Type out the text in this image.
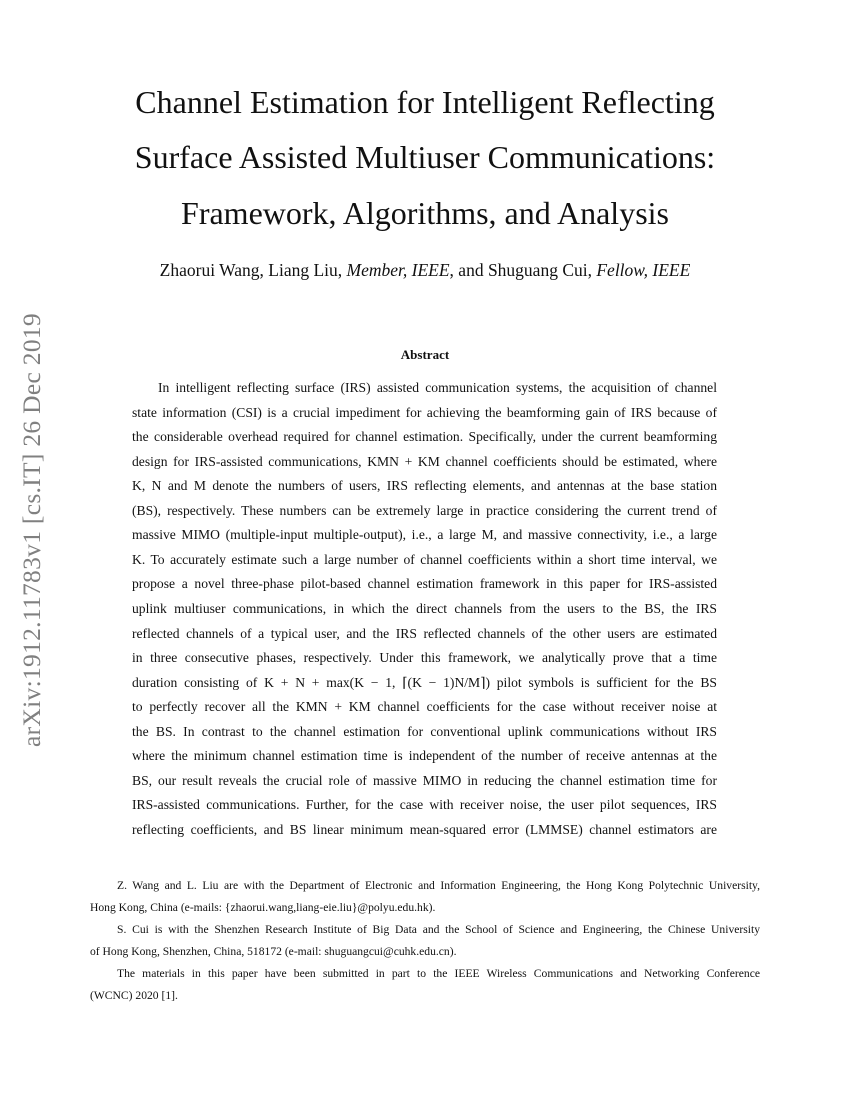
arXiv:1912.11783v1 [cs.IT] 26 Dec 2019
Channel Estimation for Intelligent Reflecting
Surface Assisted Multiuser Communications:
Framework, Algorithms, and Analysis
Zhaorui Wang, Liang Liu, Member, IEEE, and Shuguang Cui, Fellow, IEEE
Abstract
In intelligent reflecting surface (IRS) assisted communication systems, the acquisition of channel
state information (CSI) is a crucial impediment for achieving the beamforming gain of IRS because of
the considerable overhead required for channel estimation. Specifically, under the current beamforming
design for IRS-assisted communications, KMN + KM channel coefficients should be estimated, where
K, N and M denote the numbers of users, IRS reflecting elements, and antennas at the base station
(BS), respectively. These numbers can be extremely large in practice considering the current trend of
massive MIMO (multiple-input multiple-output), i.e., a large M, and massive connectivity, i.e., a large
K. To accurately estimate such a large number of channel coefficients within a short time interval, we
propose a novel three-phase pilot-based channel estimation framework in this paper for IRS-assisted
uplink multiuser communications, in which the direct channels from the users to the BS, the IRS
reflected channels of a typical user, and the IRS reflected channels of the other users are estimated
in three consecutive phases, respectively. Under this framework, we analytically prove that a time
duration consisting of K + N + max(K − 1, ⌈(K − 1)N/M⌉) pilot symbols is sufficient for the BS
to perfectly recover all the KMN + KM channel coefficients for the case without receiver noise at
the BS. In contrast to the channel estimation for conventional uplink communications without IRS
where the minimum channel estimation time is independent of the number of receive antennas at the
BS, our result reveals the crucial role of massive MIMO in reducing the channel estimation time for
IRS-assisted communications. Further, for the case with receiver noise, the user pilot sequences, IRS
reflecting coefficients, and BS linear minimum mean-squared error (LMMSE) channel estimators are
Z. Wang and L. Liu are with the Department of Electronic and Information Engineering, the Hong Kong Polytechnic University,
Hong Kong, China (e-mails: {zhaorui.wang,liang-eie.liu}@polyu.edu.hk).
S. Cui is with the Shenzhen Research Institute of Big Data and the School of Science and Engineering, the Chinese University
of Hong Kong, Shenzhen, China, 518172 (e-mail: shuguangcui@cuhk.edu.cn).
The materials in this paper have been submitted in part to the IEEE Wireless Communications and Networking Conference
(WCNC) 2020 [1].
